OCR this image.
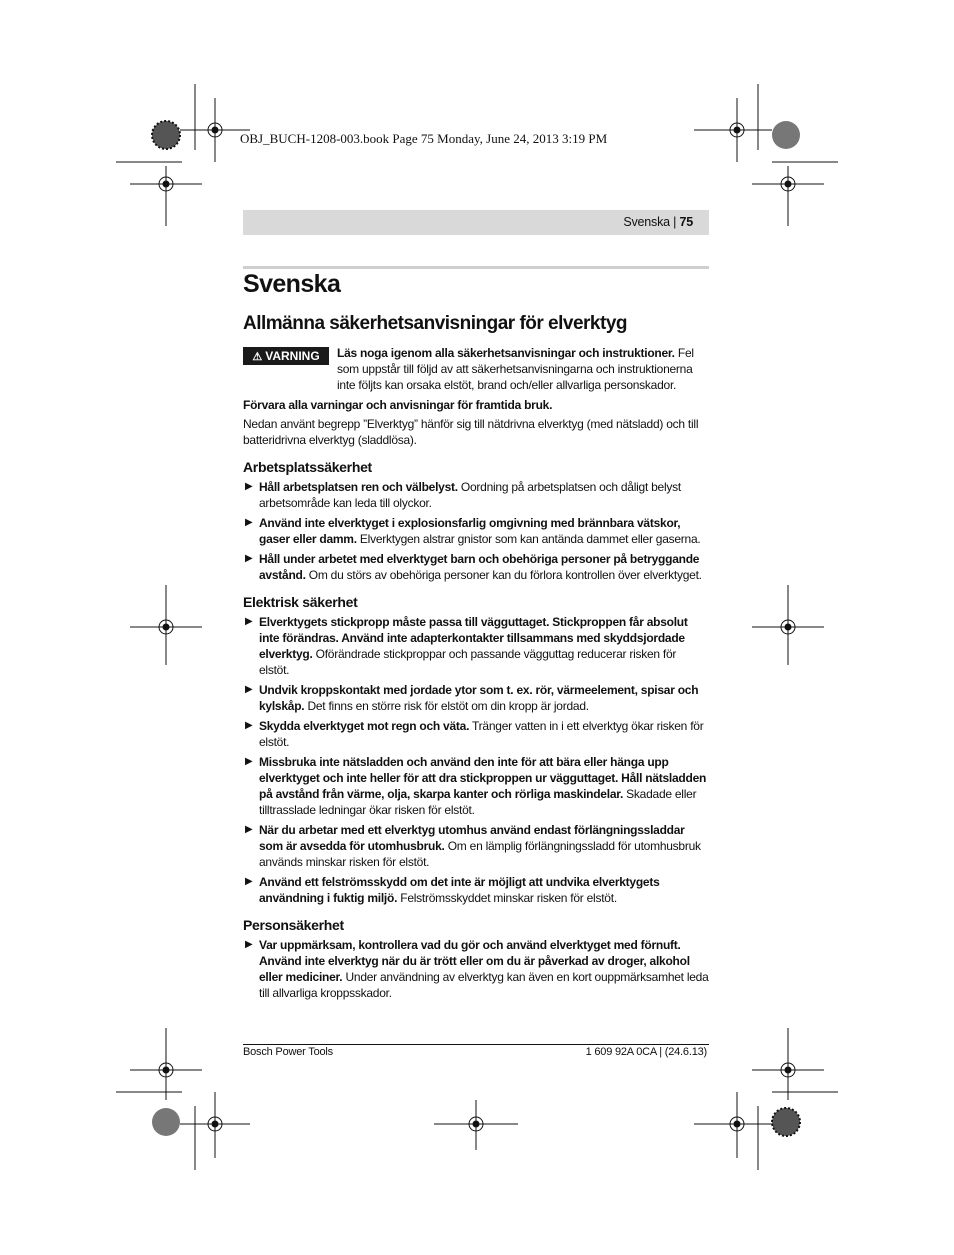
OBJ_BUCH-1208-003.book Page 75 Monday, June 24, 2013 3:19 PM
Svenska | 75
Svenska
Allmänna säkerhetsanvisningar för elverktyg
⚠ VARNING Läs noga igenom alla säkerhetsanvisningar och instruktioner. Fel som uppstår till följd av att säkerhetsanvisningarna och instruktionerna inte följts kan orsaka elstöt, brand och/eller allvarliga personskador.

Förvara alla varningar och anvisningar för framtida bruk.

Nedan använt begrepp ”Elverktyg” hänför sig till nätdrivna elverktyg (med nätsladd) och till batteridrivna elverktyg (sladdlösa).

Arbetsplatssäkerhet
▶ Håll arbetsplatsen ren och välbelyst. Oordning på arbetsplatsen och dåligt belyst arbetsområde kan leda till olyckor.
▶ Använd inte elverktyget i explosionsfarlig omgivning med brännbara vätskor, gaser eller damm. Elverktygen alstrar gnistor som kan antända dammet eller gaserna.
▶ Håll under arbetet med elverktyget barn och obehöriga personer på betryggande avstånd. Om du störs av obehöriga personer kan du förlora kontrollen över elverktyget.
Elektrisk säkerhet
▶ Elverktygets stickpropp måste passa till vägguttaget. Stickproppen får absolut inte förändras. Använd inte adapterkontakter tillsammans med skyddsjordade elverktyg. Oförändrade stickproppar och passande vägguttag reducerar risken för elstöt.
▶ Undvik kroppskontakt med jordade ytor som t. ex. rör, värmeelement, spisar och kylskåp. Det finns en större risk för elstöt om din kropp är jordad.
▶ Skydda elverktyget mot regn och väta. Tränger vatten in i ett elverktyg ökar risken för elstöt.
▶ Missbruka inte nätsladden och använd den inte för att bära eller hänga upp elverktyget och inte heller för att dra stickproppen ur vägguttaget. Håll nätsladden på avstånd från värme, olja, skarpa kanter och rörliga maskindelar. Skadade eller tilltrasslade ledningar ökar risken för elstöt.
▶ När du arbetar med ett elverktyg utomhus använd endast förlängningssladdar som är avsedda för utomhusbruk. Om en lämplig förlängningssladd för utomhusbruk används minskar risken för elstöt.
▶ Använd ett felströmsskydd om det inte är möjligt att undvika elverktygets användning i fuktig miljö. Felströmsskyddet minskar risken för elstöt.
Personsäkerhet
▶ Var uppmärksam, kontrollera vad du gör och använd elverktyget med förnuft. Använd inte elverktyg när du är trött eller om du är påverkad av droger, alkohol eller mediciner. Under användning av elverktyg kan även en kort ouppmärksamhet leda till allvarliga kroppsskador.
Bosch Power Tools	1 609 92A 0CA | (24.6.13)
